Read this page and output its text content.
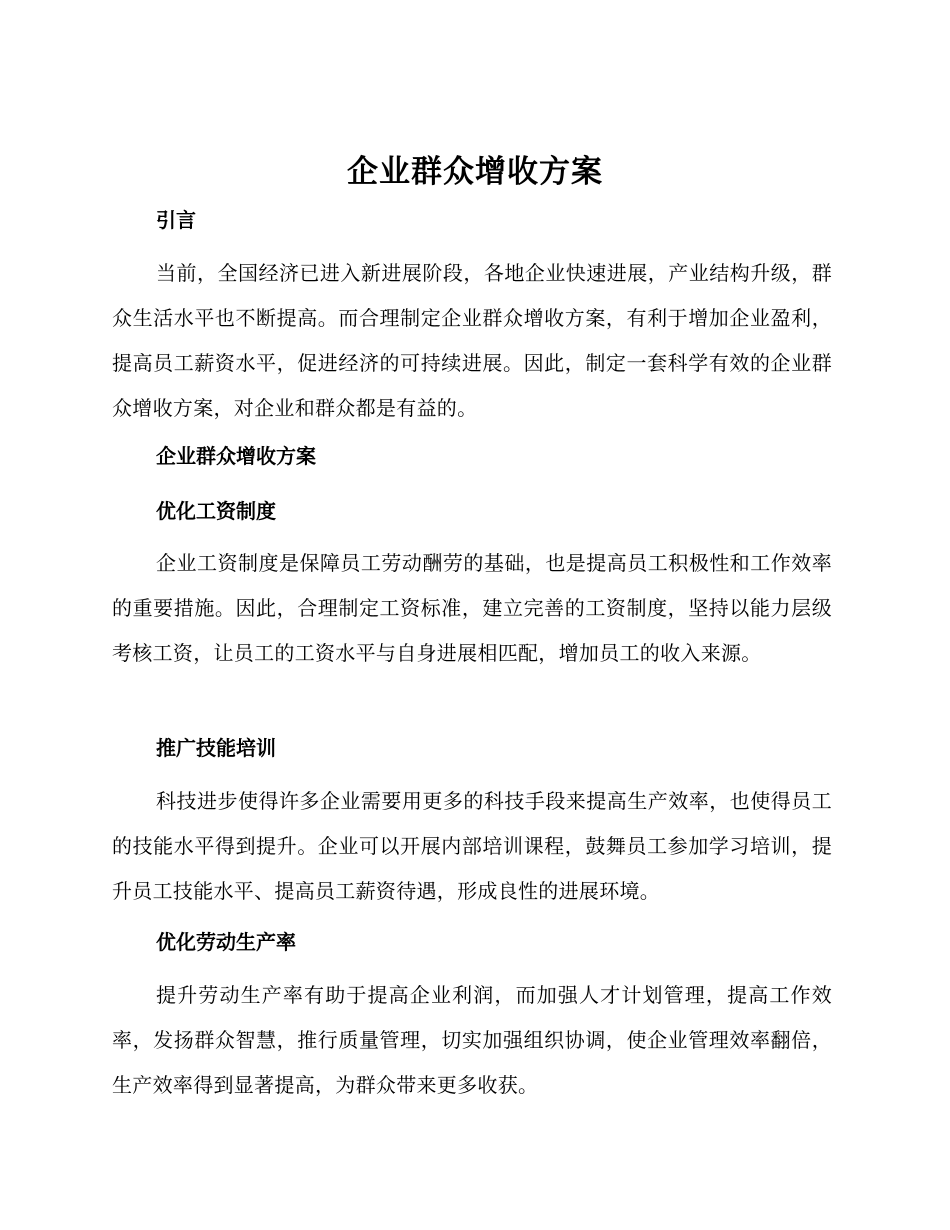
企业群众增收方案
引言

当前，全国经济已进入新进展阶段，各地企业快速进展，产业结构升级，群众生活水平也不断提高。而合理制定企业群众增收方案，有利于增加企业盈利，提高员工薪资水平，促进经济的可持续进展。因此，制定一套科学有效的企业群众增收方案，对企业和群众都是有益的。

企业群众增收方案
优化工资制度

企业工资制度是保障员工劳动酬劳的基础，也是提高员工积极性和工作效率的重要措施。因此，合理制定工资标准，建立完善的工资制度，坚持以能力层级考核工资，让员工的工资水平与自身进展相匹配，增加员工的收入来源。

推广技能培训

科技进步使得许多企业需要用更多的科技手段来提高生产效率，也使得员工的技能水平得到提升。企业可以开展内部培训课程，鼓舞员工参加学习培训，提升员工技能水平、提高员工薪资待遇，形成良性的进展环境。

优化劳动生产率

提升劳动生产率有助于提高企业利润，而加强人才计划管理，提高工作效率，发扬群众智慧，推行质量管理，切实加强组织协调，使企业管理效率翻倍，生产效率得到显著提高，为群众带来更多收获。
